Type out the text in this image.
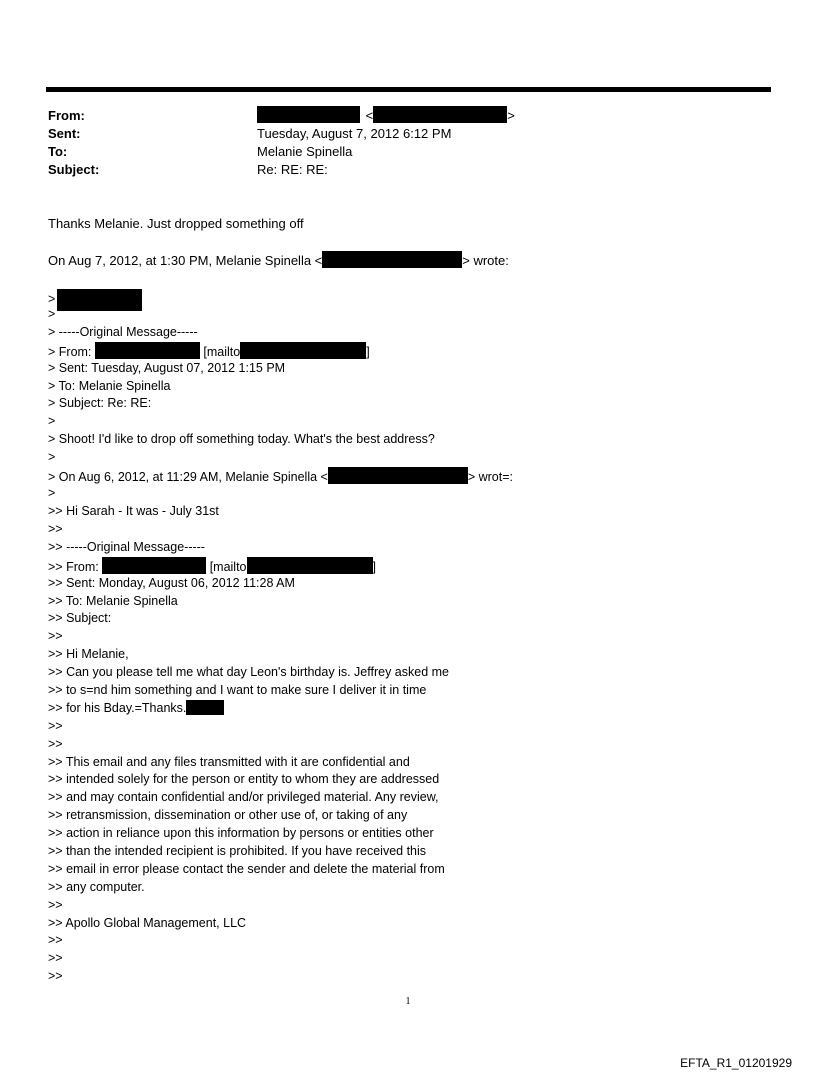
From:	<	>
Sent:	Tuesday, August 7, 2012 6:12 PM
To:	Melanie Spinella
Subject:	Re: RE: RE:
Thanks Melanie. Just dropped something off
On Aug 7, 2012, at 1:30 PM, Melanie Spinella <	> wrote:
>
>
> -----Original Message-----
> From:	[mailto	]
> Sent: Tuesday, August 07, 2012 1:15 PM
> To: Melanie Spinella
> Subject: Re: RE:
>
> Shoot! I'd like to drop off something today. What's the best address?
>
> On Aug 6, 2012, at 11:29 AM, Melanie Spinella <	> wrot=:
>
>> Hi Sarah - It was - July 31st
>>
>> -----Original Message-----
>> From:	[mailto	]
>> Sent: Monday, August 06, 2012 11:28 AM
>> To: Melanie Spinella
>> Subject:
>>
>> Hi Melanie,
>> Can you please tell me what day Leon's birthday is. Jeffrey asked me
>> to s=nd him something and I want to make sure I deliver it in time
>> for his Bday.=Thanks.
>>
>>
>> This email and any files transmitted with it are confidential and
>> intended solely for the person or entity to whom they are addressed
>> and may contain confidential and/or privileged material. Any review,
>> retransmission, dissemination or other use of, or taking of any
>> action in reliance upon this information by persons or entities other
>> than the intended recipient is prohibited. If you have received this
>> email in error please contact the sender and delete the material from
>> any computer.
>>
>> Apollo Global Management, LLC
>>
>>
>>
1
EFTA_R1_01201929
